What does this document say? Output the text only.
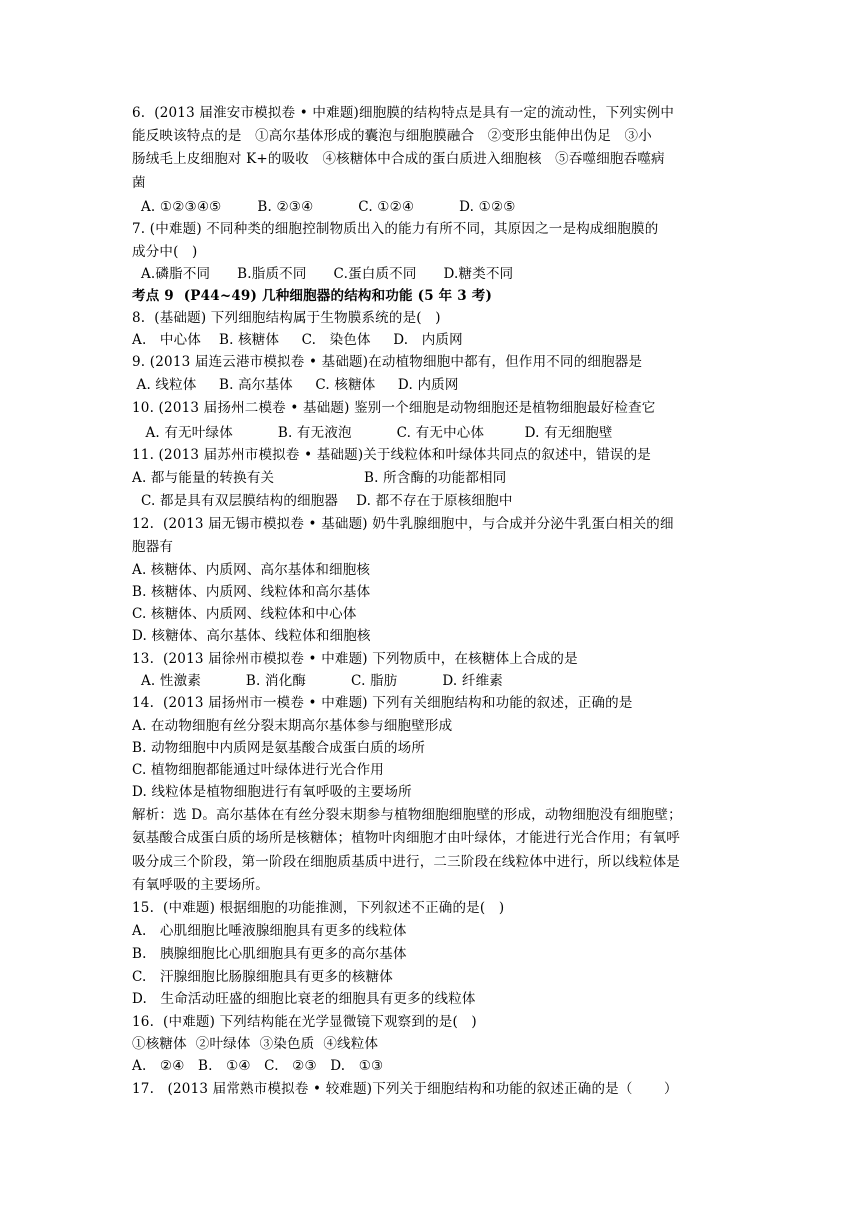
6.  (2013 届淮安市模拟卷 • 中难题)细胞膜的结构特点是具有一定的流动性，下列实例中
能反映该特点的是   ①高尔基体形成的囊泡与细胞膜融合   ②变形虫能伸出伪足   ③小
肠绒毛上皮细胞对 K+的吸收   ④核糖体中合成的蛋白质进入细胞核   ⑤吞噬细胞吞噬病
菌
A. ①②③④⑤        B. ②③④          C. ①②④          D. ①②⑤
7. (中难题) 不同种类的细胞控制物质出入的能力有所不同，其原因之一是构成细胞膜的
成分中(   )
A.磷脂不同      B.脂质不同      C.蛋白质不同      D.糖类不同
考点 9  (P44~49) 几种细胞器的结构和功能 (5 年 3 考)
8.  (基础题) 下列细胞结构属于生物膜系统的是(   )
A.   中心体    B. 核糖体     C.   染色体     D.   内质网
9. (2013 届连云港市模拟卷 • 基础题)在动植物细胞中都有，但作用不同的细胞器是
A. 线粒体     B. 高尔基体     C. 核糖体     D. 内质网
10. (2013 届扬州二模卷 • 基础题) 鉴别一个细胞是动物细胞还是植物细胞最好检查它
A. 有无叶绿体          B. 有无液泡          C. 有无中心体         D. 有无细胞壁
11. (2013 届苏州市模拟卷 • 基础题)关于线粒体和叶绿体共同点的叙述中，错误的是
A. 都与能量的转换有关                    B. 所含酶的功能都相同
C. 都是具有双层膜结构的细胞器    D. 都不存在于原核细胞中
12.  (2013 届无锡市模拟卷 • 基础题) 奶牛乳腺细胞中，与合成并分泌牛乳蛋白相关的细
胞器有
A. 核糖体、内质网、高尔基体和细胞核
B. 核糖体、内质网、线粒体和高尔基体
C. 核糖体、内质网、线粒体和中心体
D. 核糖体、高尔基体、线粒体和细胞核
13.  (2013 届徐州市模拟卷 • 中难题) 下列物质中，在核糖体上合成的是
A. 性激素          B. 消化酶          C. 脂肪          D. 纤维素
14.  (2013 届扬州市一模卷 • 中难题) 下列有关细胞结构和功能的叙述，正确的是
A. 在动物细胞有丝分裂末期高尔基体参与细胞壁形成
B. 动物细胞中内质网是氨基酸合成蛋白质的场所
C. 植物细胞都能通过叶绿体进行光合作用
D. 线粒体是植物细胞进行有氧呼吸的主要场所
解析：选 D。高尔基体在有丝分裂末期参与植物细胞细胞壁的形成，动物细胞没有细胞壁；
氨基酸合成蛋白质的场所是核糖体；植物叶肉细胞才由叶绿体，才能进行光合作用；有氧呼
吸分成三个阶段，第一阶段在细胞质基质中进行，二三阶段在线粒体中进行，所以线粒体是
有氧呼吸的主要场所。
15.  (中难题) 根据细胞的功能推测，下列叙述不正确的是(   )
A.   心肌细胞比唾液腺细胞具有更多的线粒体
B.   胰腺细胞比心肌细胞具有更多的高尔基体
C.   汗腺细胞比肠腺细胞具有更多的核糖体
D.   生命活动旺盛的细胞比衰老的细胞具有更多的线粒体
16.  (中难题) 下列结构能在光学显微镜下观察到的是(   )
①核糖体  ②叶绿体  ③染色质  ④线粒体
A.   ②④   B.   ①④   C.   ②③   D.   ①③
17.   (2013 届常熟市模拟卷 • 较难题)下列关于细胞结构和功能的叙述正确的是（       ）
